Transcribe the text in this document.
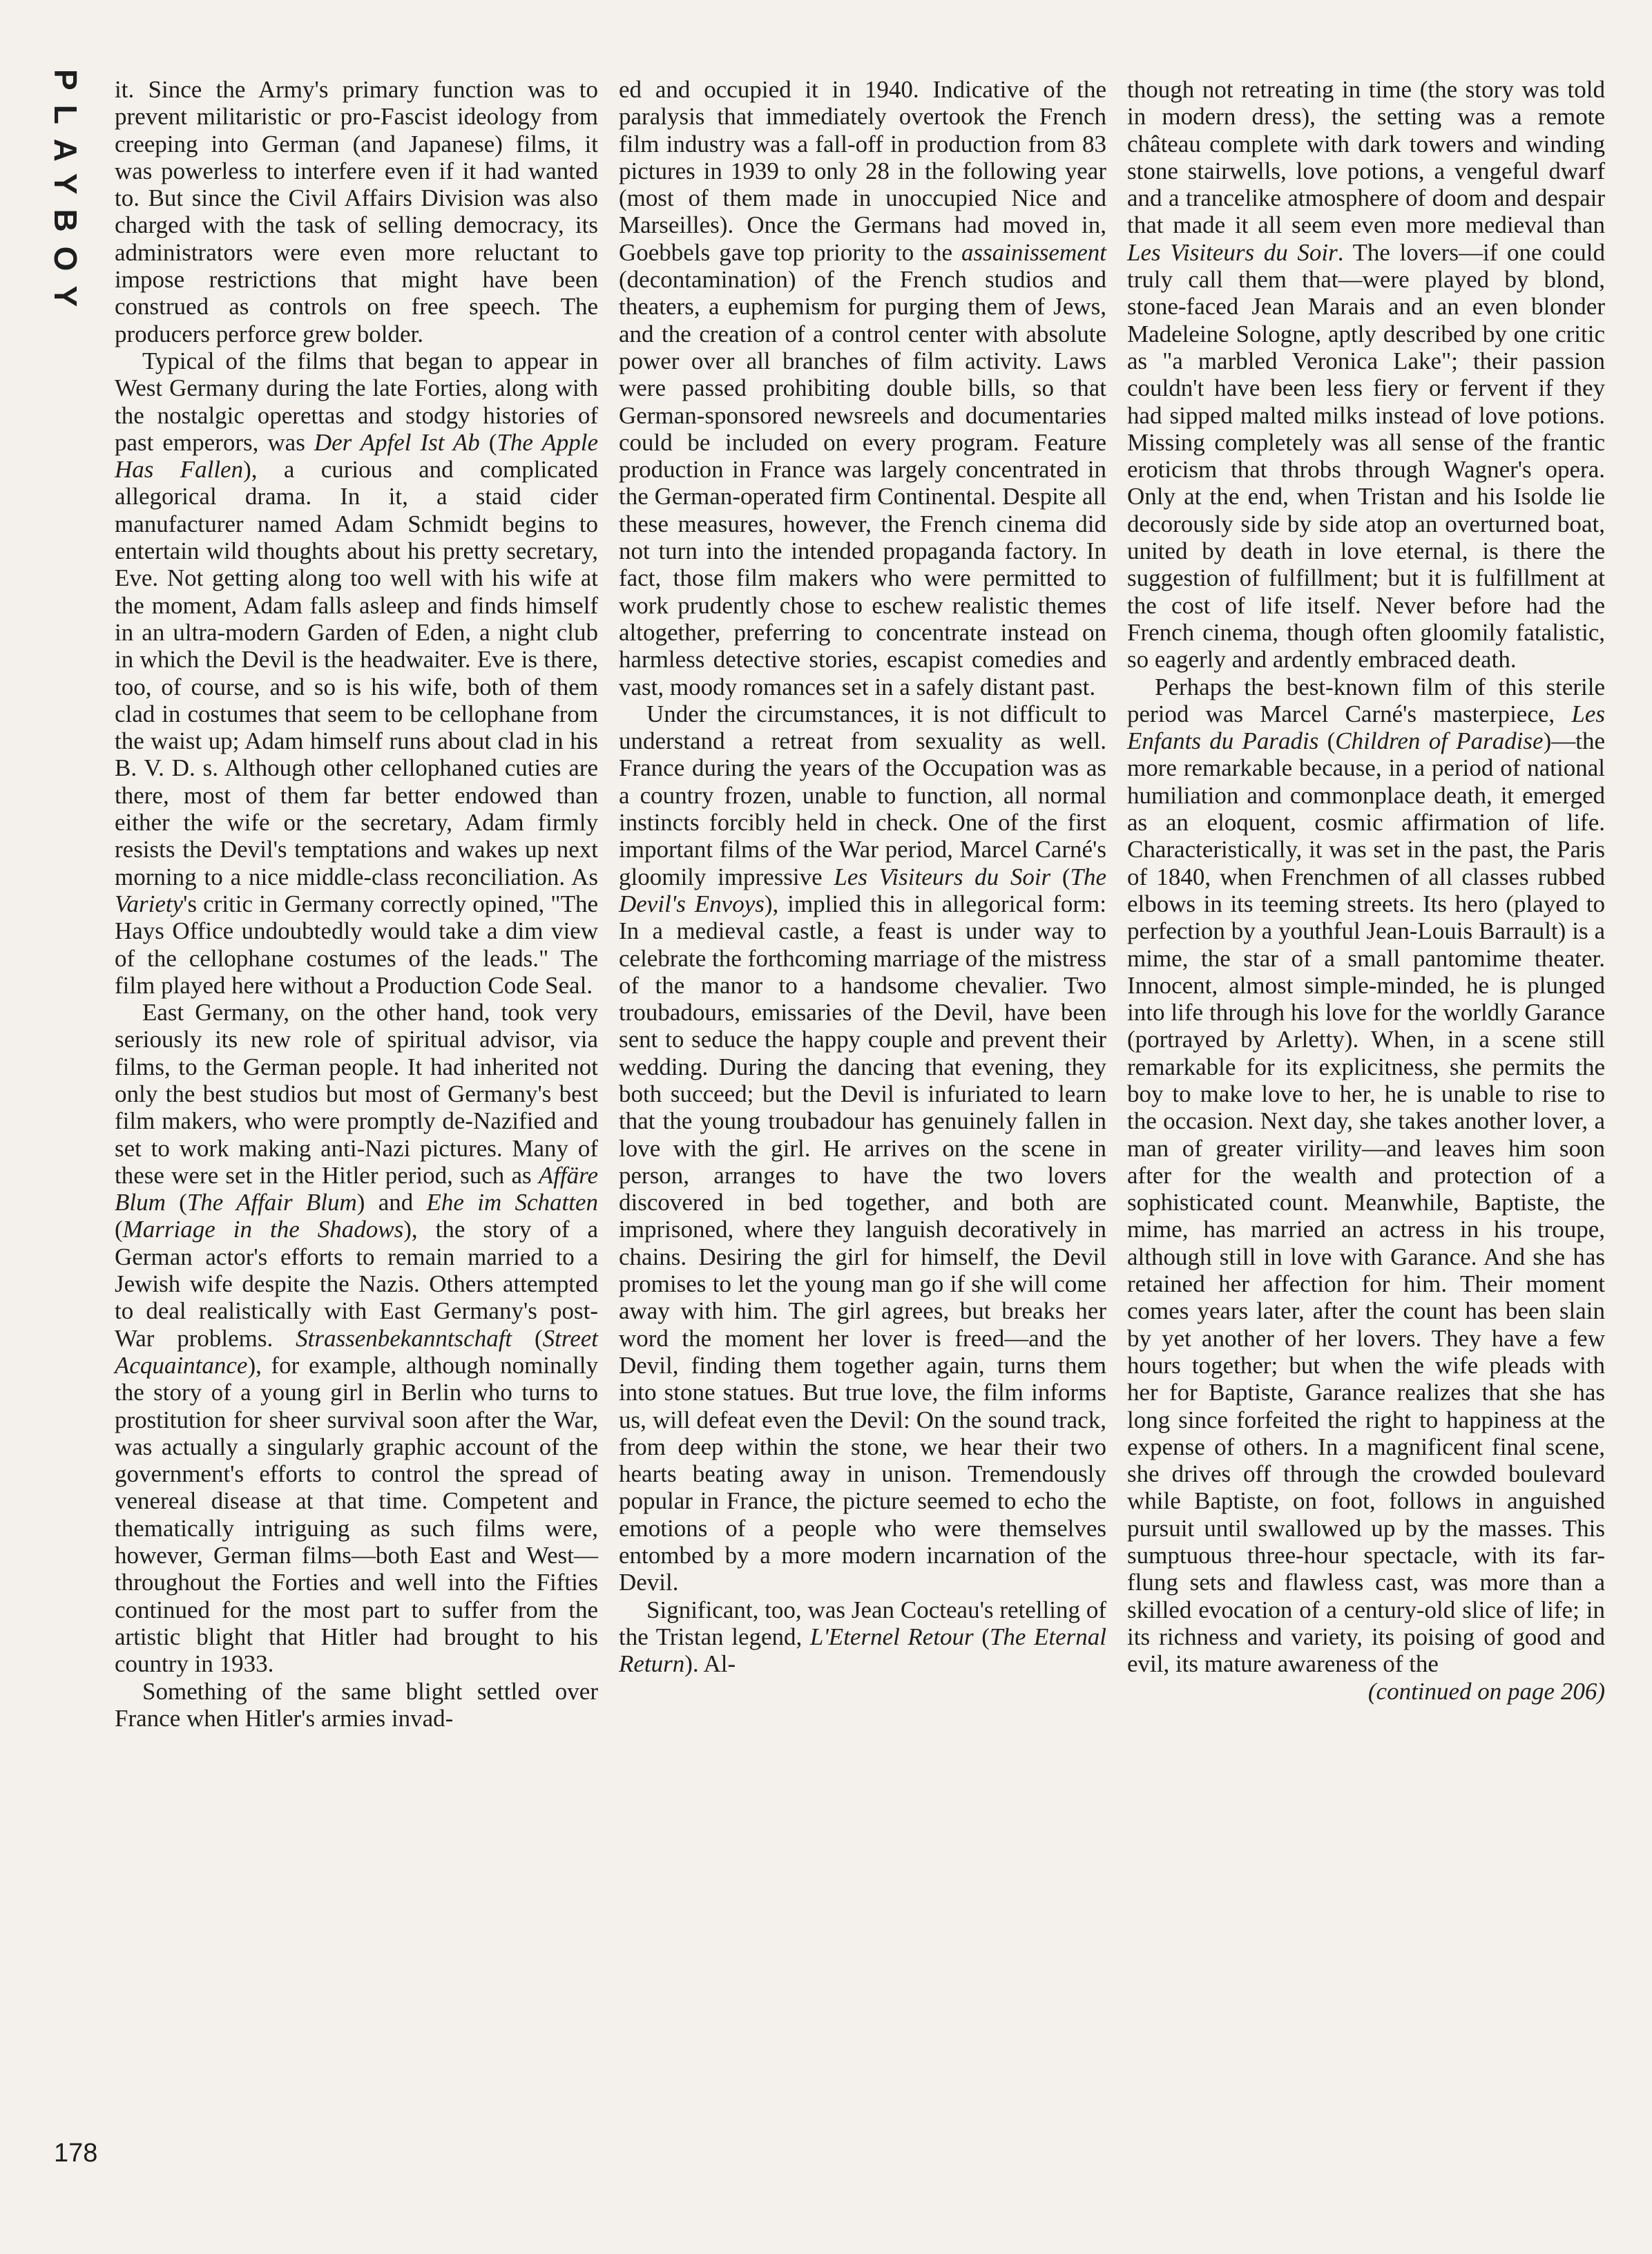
PLAYBOY it. Since the Army's primary function was to prevent militaristic or pro-Fascist ideology from creeping into German (and Japanese) films, it was powerless to interfere even if it had wanted to. But since the Civil Affairs Division was also charged with the task of selling democracy, its administrators were even more reluctant to impose restrictions that might have been construed as controls on free speech. The producers perforce grew bolder.

Typical of the films that began to appear in West Germany during the late Forties, along with the nostalgic operettas and stodgy histories of past emperors, was Der Apfel Ist Ab (The Apple Has Fallen), a curious and complicated allegorical drama. In it, a staid cider manufacturer named Adam Schmidt begins to entertain wild thoughts about his pretty secretary, Eve. Not getting along too well with his wife at the moment, Adam falls asleep and finds himself in an ultra-modern Garden of Eden, a night club in which the Devil is the headwaiter. Eve is there, too, of course, and so is his wife, both of them clad in costumes that seem to be cellophane from the waist up; Adam himself runs about clad in his B. V. D. s. Although other cellophaned cuties are there, most of them far better endowed than either the wife or the secretary, Adam firmly resists the Devil's temptations and wakes up next morning to a nice middle-class reconciliation. As Variety's critic in Germany correctly opined, "The Hays Office undoubtedly would take a dim view of the cellophane costumes of the leads." The film played here without a Production Code Seal.

East Germany, on the other hand, took very seriously its new role of spiritual advisor, via films, to the German people. It had inherited not only the best studios but most of Germany's best film makers, who were promptly de-Nazified and set to work making anti-Nazi pictures. Many of these were set in the Hitler period, such as Affäre Blum (The Affair Blum) and Ehe im Schatten (Marriage in the Shadows), the story of a German actor's efforts to remain married to a Jewish wife despite the Nazis. Others attempted to deal realistically with East Germany's post-War problems. Strassenbekanntschaft (Street Acquaintance), for example, although nominally the story of a young girl in Berlin who turns to prostitution for sheer survival soon after the War, was actually a singularly graphic account of the government's efforts to control the spread of venereal disease at that time. Competent and thematically intriguing as such films were, however, German films—both East and West—throughout the Forties and well into the Fifties continued for the most part to suffer from the artistic blight that Hitler had brought to his country in 1933.

Something of the same blight settled over France when Hitler's armies invad-

ed and occupied it in 1940. Indicative of the paralysis that immediately overtook the French film industry was a fall-off in production from 83 pictures in 1939 to only 28 in the following year (most of them made in unoccupied Nice and Marseilles). Once the Germans had moved in, Goebbels gave top priority to the assainissement (decontamination) of the French studios and theaters, a euphemism for purging them of Jews, and the creation of a control center with absolute power over all branches of film activity. Laws were passed prohibiting double bills, so that German-sponsored newsreels and documentaries could be included on every program. Feature production in France was largely concentrated in the German-operated firm Continental. Despite all these measures, however, the French cinema did not turn into the intended propaganda factory. In fact, those film makers who were permitted to work prudently chose to eschew realistic themes altogether, preferring to concentrate instead on harmless detective stories, escapist comedies and vast, moody romances set in a safely distant past.

Under the circumstances, it is not difficult to understand a retreat from sexuality as well. France during the years of the Occupation was as a country frozen, unable to function, all normal instincts forcibly held in check. One of the first important films of the War period, Marcel Carné's gloomily impressive Les Visiteurs du Soir (The Devil's Envoys), implied this in allegorical form: In a medieval castle, a feast is under way to celebrate the forthcoming marriage of the mistress of the manor to a handsome chevalier. Two troubadours, emissaries of the Devil, have been sent to seduce the happy couple and prevent their wedding. During the dancing that evening, they both succeed; but the Devil is infuriated to learn that the young troubadour has genuinely fallen in love with the girl. He arrives on the scene in person, arranges to have the two lovers discovered in bed together, and both are imprisoned, where they languish decoratively in chains. Desiring the girl for himself, the Devil promises to let the young man go if she will come away with him. The girl agrees, but breaks her word the moment her lover is freed—and the Devil, finding them together again, turns them into stone statues. But true love, the film informs us, will defeat even the Devil: On the sound track, from deep within the stone, we hear their two hearts beating away in unison. Tremendously popular in France, the picture seemed to echo the emotions of a people who were themselves entombed by a more modern incarnation of the Devil.

Significant, too, was Jean Cocteau's retelling of the Tristan legend, L'Eternel Retour (The Eternal Return). Al-

though not retreating in time (the story was told in modern dress), the setting was a remote château complete with dark towers and winding stone stairwells, love potions, a vengeful dwarf and a trancelike atmosphere of doom and despair that made it all seem even more medieval than Les Visiteurs du Soir. The lovers—if one could truly call them that—were played by blond, stone-faced Jean Marais and an even blonder Madeleine Sologne, aptly described by one critic as "a marbled Veronica Lake"; their passion couldn't have been less fiery or fervent if they had sipped malted milks instead of love potions. Missing completely was all sense of the frantic eroticism that throbs through Wagner's opera. Only at the end, when Tristan and his Isolde lie decorously side by side atop an overturned boat, united by death in love eternal, is there the suggestion of fulfillment; but it is fulfillment at the cost of life itself. Never before had the French cinema, though often gloomily fatalistic, so eagerly and ardently embraced death.

Perhaps the best-known film of this sterile period was Marcel Carné's masterpiece, Les Enfants du Paradis (Children of Paradise)—the more remarkable because, in a period of national humiliation and commonplace death, it emerged as an eloquent, cosmic affirmation of life. Characteristically, it was set in the past, the Paris of 1840, when Frenchmen of all classes rubbed elbows in its teeming streets. Its hero (played to perfection by a youthful Jean-Louis Barrault) is a mime, the star of a small pantomime theater. Innocent, almost simple-minded, he is plunged into life through his love for the worldly Garance (portrayed by Arletty). When, in a scene still remarkable for its explicitness, she permits the boy to make love to her, he is unable to rise to the occasion. Next day, she takes another lover, a man of greater virility—and leaves him soon after for the wealth and protection of a sophisticated count. Meanwhile, Baptiste, the mime, has married an actress in his troupe, although still in love with Garance. And she has retained her affection for him. Their moment comes years later, after the count has been slain by yet another of her lovers. They have a few hours together; but when the wife pleads with her for Baptiste, Garance realizes that she has long since forfeited the right to happiness at the expense of others. In a magnificent final scene, she drives off through the crowded boulevard while Baptiste, on foot, follows in anguished pursuit until swallowed up by the masses. This sumptuous three-hour spectacle, with its far-flung sets and flawless cast, was more than a skilled evocation of a century-old slice of life; in its richness and variety, its poising of good and evil, its mature awareness of the

(continued on page 206)

178
